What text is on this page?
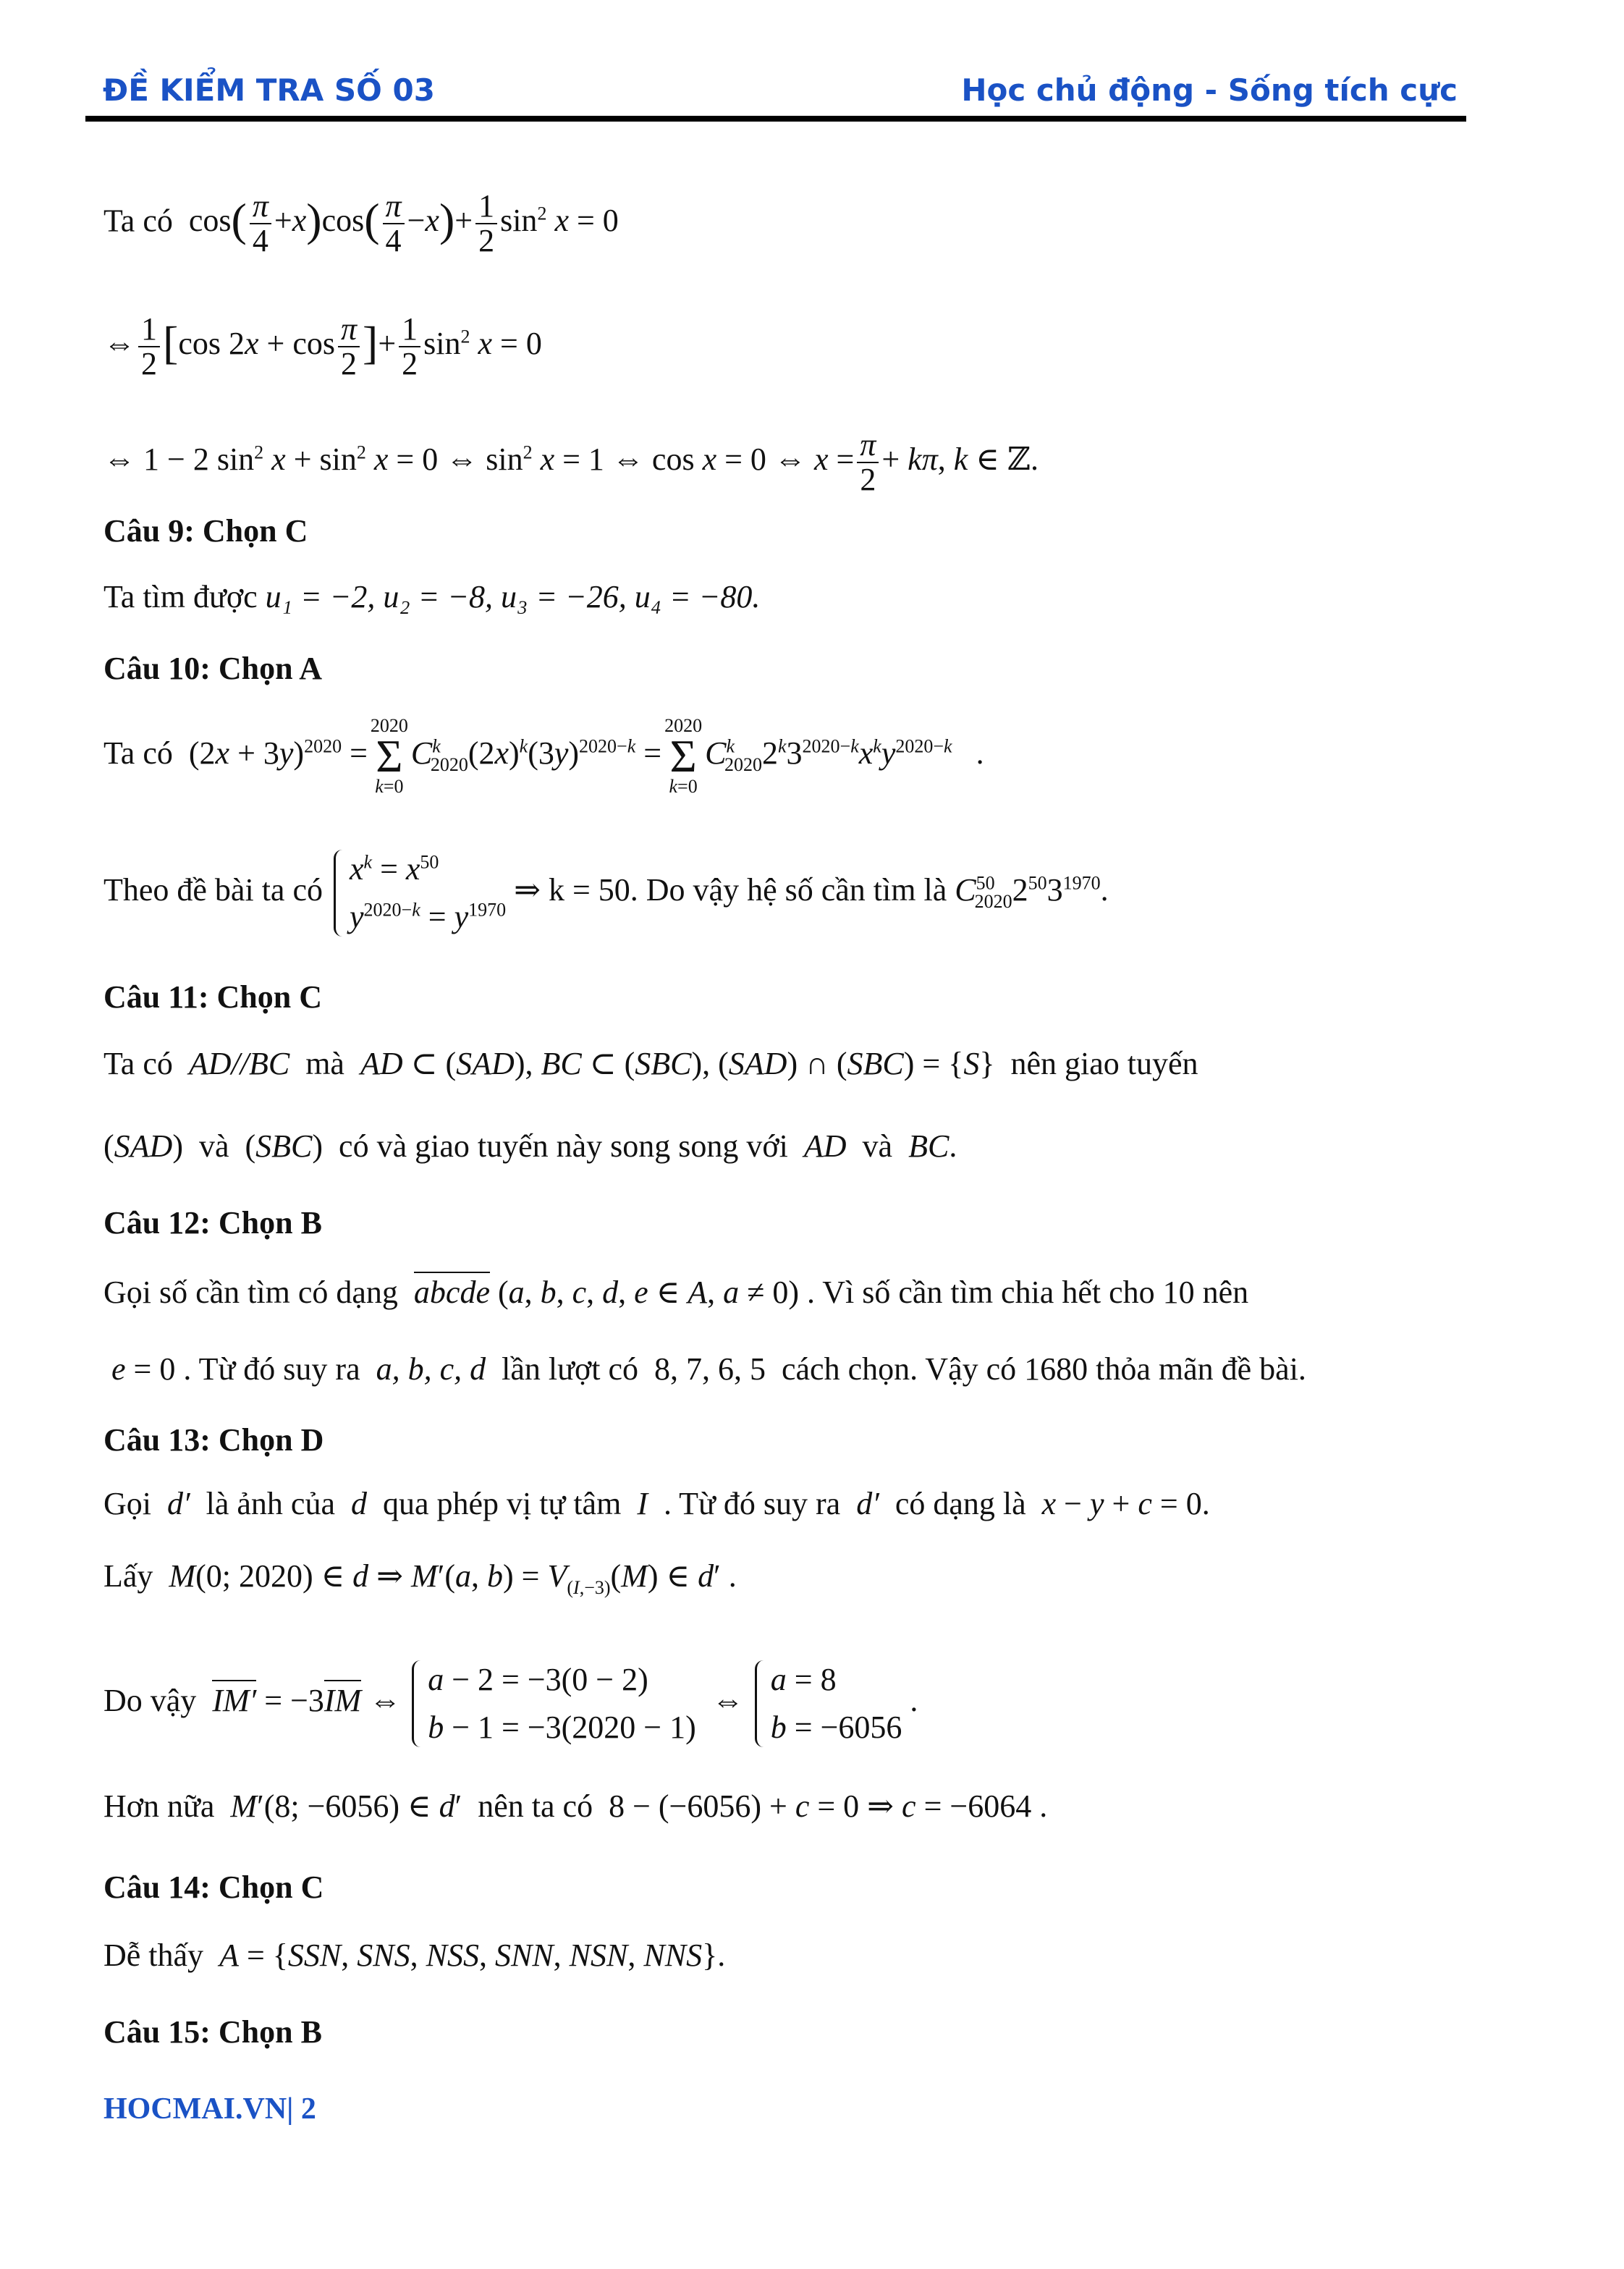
ĐỀ KIỂM TRA SỐ 03	Học chủ động - Sống tích cực
Ta có  $\cos( \frac{\pi}{4} +x)\cos( \frac{\pi}{4} -x)+ \frac{1}{2} \sin^2 x = 0$
⇔ $\frac{1}{2} [\cos$ $2x + \cos \frac{\pi}{2}$ ]+ $\frac{1}{2} \sin^2 x = 0$
⇔ 1 − 2 $\sin^2 x + \sin^2 x = 0$ ⇔ $\sin^2 x = 1$ ⇔ cos x = 0 ⇔ $x = \frac{\pi}{2} + k\pi$, k ∈ ℤ.
Câu 9: Chọn C
Ta tìm được u₁ = −2, u₂ = −8, u₃ = −26, u₄ = −80.
Câu 10: Chọn A
Ta có  $(2x + 3y)^{2020}$ =
2020
Σ
k=0
$C^k_{2020}(2x)^k(3y)^{2020-k}$ =
2020
Σ
k=0
$C^k_{2020}2^k3^{2020-k}x^ky^{2020-k}$   .
Theo đề bài ta có
$x^k = x^{50}$
$y^{2020-k} = y^{1970}$
⇒ k = 50. Do vậy hệ số cần tìm là $C^{50}_{2020}2^{50}3^{1970}$.
Câu 11: Chọn C
Ta có  AD//BC  mà AD ⊂ (SAD), BC ⊂ (SBC), (SAD) ∩ (SBC) = {S}  nên giao tuyến
(SAD)  và  (SBC)  có và giao tuyến này song song với  AD  và  BC.
Câu 12: Chọn B
Gọi số cần tìm có dạng abcde (a, b, c, d, e ∈ A, a ≠ 0) . Vì số cần tìm chia hết cho 10 nên
e = 0 . Từ đó suy ra  a, b, c, d  lần lượt có  8, 7, 6, 5  cách chọn. Vậy có 1680 thỏa mãn đề bài.
Câu 13: Chọn D
Gọi  d′  là ảnh của  d  qua phép vị tự tâm  I  . Từ đó suy ra  d′  có dạng là x − y + c = 0.
Lấy M(0; 2020) ∈ d ⇒ M′(a, $b) = V_{(I,-3)}(M)$ ∈ d′ .
Do vậy IM′ = −3IM ⇔
a − 2 = −3(0 − 2)
b − 1 = −3(2020 − 1)
⇔
a = 8
b = −6056
.
Hơn nữa M′(8; −6056) ∈ d′  nên ta có  8 − (−6056) + c = 0 ⇒ c = −6064 .
Câu 14: Chọn C
Dễ thấy A = {SSN, SNS, NSS, SNN, NSN, NNS}.
Câu 15: Chọn B
HOCMAI.VN| 2
